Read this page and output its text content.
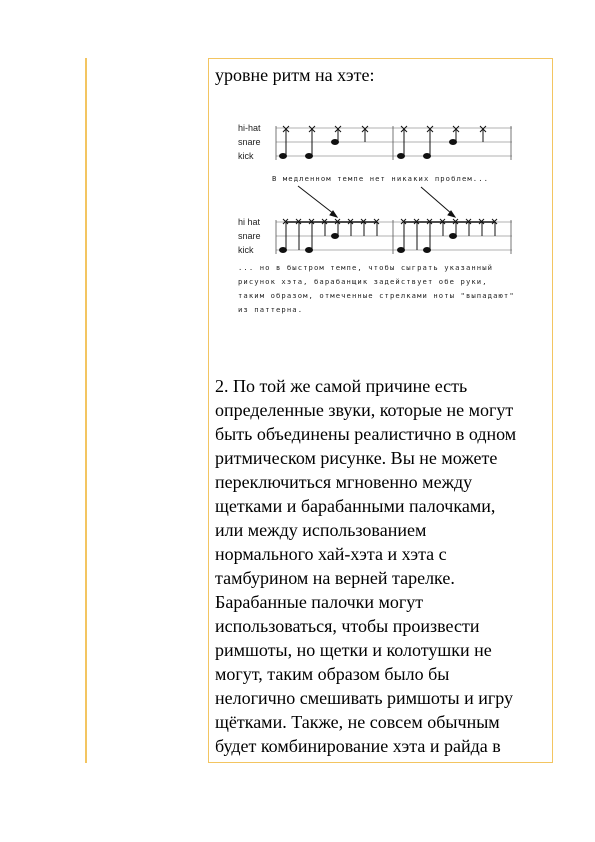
уровне ритм на хэте:
hi-hat
snare
kick
В медленном темпе нет никаких проблем...
hi hat
snare
kick
... но в быстром темпе, чтобы сыграть указанный
рисунок хэта, барабанщик задействует обе руки,
таким образом, отмеченные стрелками ноты "выпадают"
из паттерна.

2. По той же самой причине есть
определенные звуки, которые не могут
быть объединены реалистично в одном
ритмическом рисунке. Вы не можете
переключиться мгновенно между
щетками и барабанными палочками,
или между использованием
нормального хай-хэта и хэта с
тамбурином на верней тарелке.
Барабанные палочки могут
использоваться, чтобы произвести
римшоты, но щетки и колотушки не
могут, таким образом было бы
нелогично смешивать римшоты и игру
щётками. Также, не совсем обычным
будет комбинирование хэта и райда в
